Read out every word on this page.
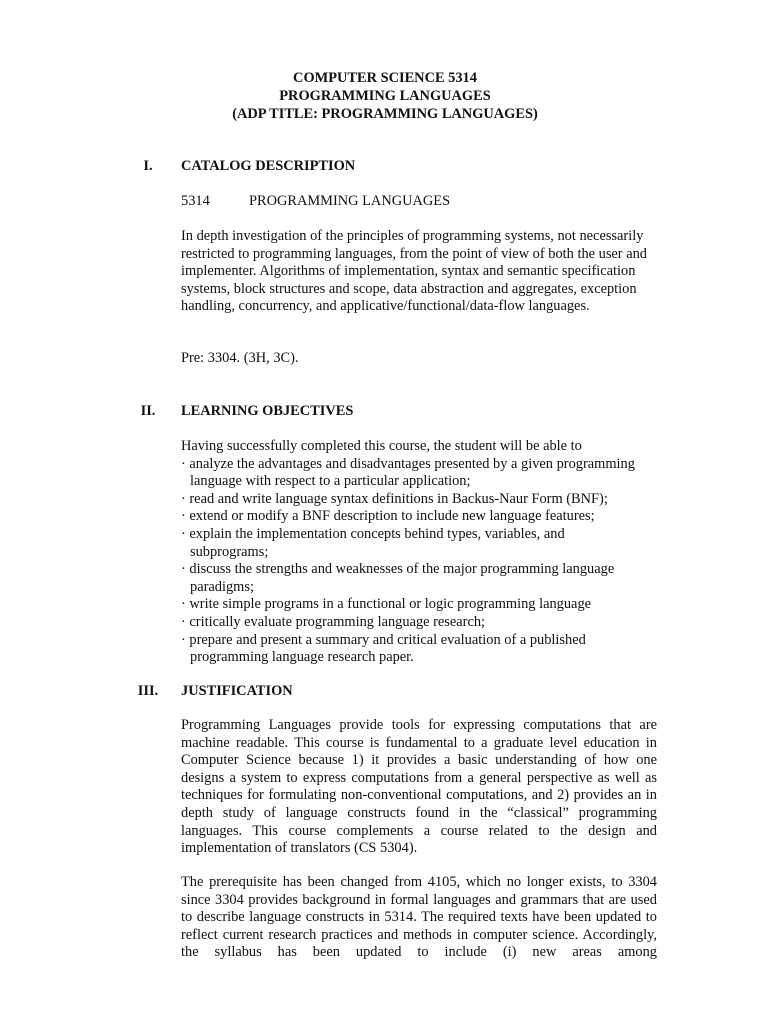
COMPUTER SCIENCE 5314
PROGRAMMING LANGUAGES
(ADP TITLE: PROGRAMMING LANGUAGES)
I.	CATALOG DESCRIPTION
5314	PROGRAMMING LANGUAGES
In depth investigation of the principles of programming systems, not necessarily restricted to programming languages, from the point of view of both the user and implementer. Algorithms of implementation, syntax and semantic specification systems, block structures and scope, data abstraction and aggregates, exception handling, concurrency, and applicative/functional/data-flow languages.
Pre: 3304. (3H, 3C).
II.	LEARNING OBJECTIVES
Having successfully completed this course, the student will be able to
· analyze the advantages and disadvantages presented by a given programming
language with respect to a particular application;
· read and write language syntax definitions in Backus-Naur Form (BNF);
· extend or modify a BNF description to include new language features;
· explain the implementation concepts behind types, variables, and
subprograms;
· discuss the strengths and weaknesses of the major programming language
paradigms;
· write simple programs in a functional or logic programming language
· critically evaluate programming language research;
· prepare and present a summary and critical evaluation of a published
programming language research paper.
III.	JUSTIFICATION
Programming Languages provide tools for expressing computations that are machine readable. This course is fundamental to a graduate level education in Computer Science because 1) it provides a basic understanding of how one designs a system to express computations from a general perspective as well as techniques for formulating non-conventional computations, and 2) provides an in depth study of language constructs found in the “classical” programming languages. This course complements a course related to the design and implementation of translators (CS 5304).
The prerequisite has been changed from 4105, which no longer exists, to 3304 since 3304 provides background in formal languages and grammars that are used to describe language constructs in 5314. The required texts have been updated to reflect current research practices and methods in computer science. Accordingly, the syllabus has been updated to include (i) new areas among
